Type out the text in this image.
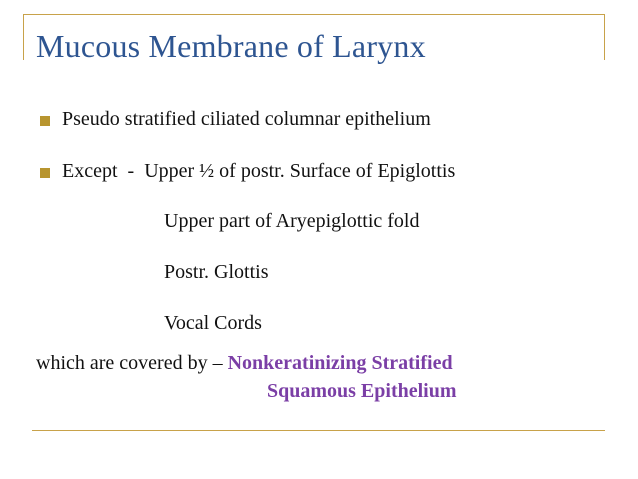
Mucous Membrane of Larynx
Pseudo stratified ciliated columnar epithelium
Except  -  Upper ½ of postr. Surface of Epiglottis
Upper part of Aryepiglottic fold
Postr. Glottis
Vocal Cords
which are covered by – Nonkeratinizing Stratified
Squamous Epithelium
